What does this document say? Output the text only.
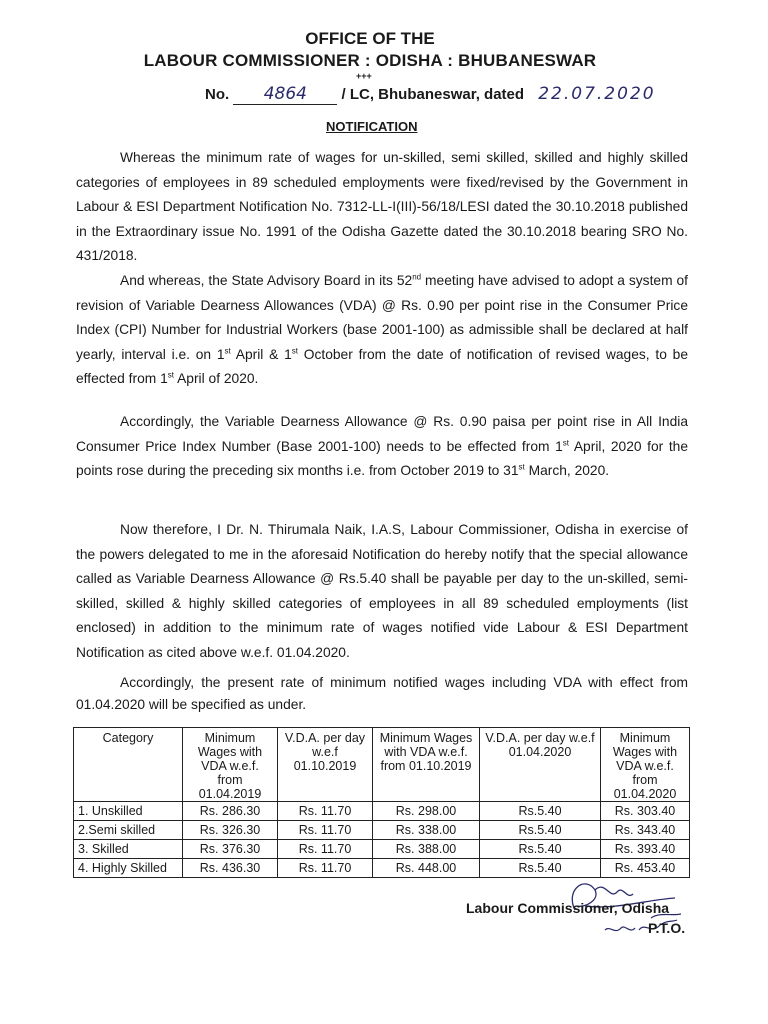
OFFICE OF THE
LABOUR COMMISSIONER : ODISHA : BHUBANESWAR
+++
No. 4864 / LC, Bhubaneswar, dated 22.07.2020
NOTIFICATION
Whereas the minimum rate of wages for un-skilled, semi skilled, skilled and highly skilled categories of employees in 89 scheduled employments were fixed/revised by the Government in Labour & ESI Department Notification No. 7312-LL-I(III)-56/18/LESI dated the 30.10.2018 published in the Extraordinary issue No. 1991 of the Odisha Gazette dated the 30.10.2018 bearing SRO No. 431/2018.
And whereas, the State Advisory Board in its 52nd meeting have advised to adopt a system of revision of Variable Dearness Allowances (VDA) @ Rs. 0.90 per point rise in the Consumer Price Index (CPI) Number for Industrial Workers (base 2001-100) as admissible shall be declared at half yearly, interval i.e. on 1st April & 1st October from the date of notification of revised wages, to be effected from 1st April of 2020.
Accordingly, the Variable Dearness Allowance @ Rs. 0.90 paisa per point rise in All India Consumer Price Index Number (Base 2001-100) needs to be effected from 1st April, 2020 for the points rose during the preceding six months i.e. from October 2019 to 31st March, 2020.
Now therefore, I Dr. N. Thirumala Naik, I.A.S, Labour Commissioner, Odisha in exercise of the powers delegated to me in the aforesaid Notification do hereby notify that the special allowance called as Variable Dearness Allowance @ Rs.5.40 shall be payable per day to the un-skilled, semi-skilled, skilled & highly skilled categories of employees in all 89 scheduled employments (list enclosed) in addition to the minimum rate of wages notified vide Labour & ESI Department Notification as cited above w.e.f. 01.04.2020.
Accordingly, the present rate of minimum notified wages including VDA with effect from 01.04.2020 will be specified as under.
Category	Minimum Wages with VDA w.e.f. from 01.04.2019	V.D.A. per day w.e.f 01.10.2019	Minimum Wages with VDA w.e.f. from 01.10.2019	V.D.A. per day w.e.f 01.04.2020	Minimum Wages with VDA w.e.f. from 01.04.2020
1. Unskilled	Rs. 286.30	Rs. 11.70	Rs. 298.00	Rs.5.40	Rs. 303.40
2.Semi skilled	Rs. 326.30	Rs. 11.70	Rs. 338.00	Rs.5.40	Rs. 343.40
3. Skilled	Rs. 376.30	Rs. 11.70	Rs. 388.00	Rs.5.40	Rs. 393.40
4. Highly Skilled	Rs. 436.30	Rs. 11.70	Rs. 448.00	Rs.5.40	Rs. 453.40
Labour Commissioner, Odisha
P.T.O.
